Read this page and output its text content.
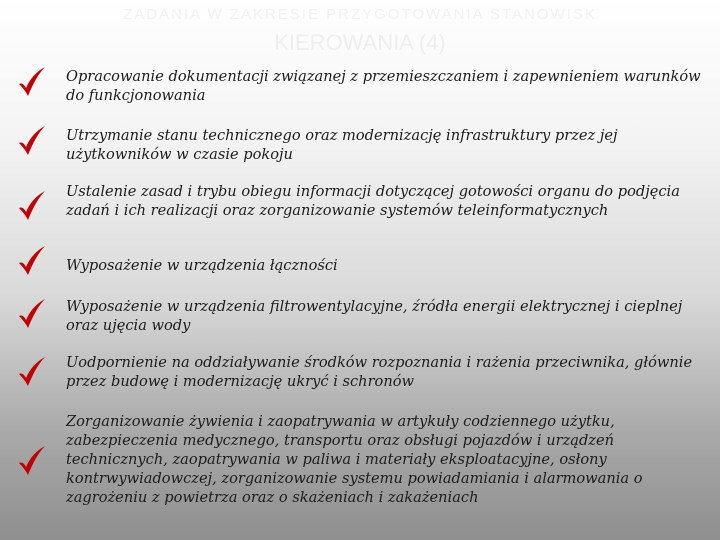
ZADANIA W ZAKRESIE PRZYGOTOWANIA STANOWISK
KIEROWANIA (4)
Opracowanie dokumentacji związanej z przemieszczaniem i zapewnieniem warunków do funkcjonowania
Utrzymanie stanu technicznego oraz modernizację infrastruktury przez jej użytkowników w czasie pokoju
Ustalenie zasad i trybu obiegu informacji dotyczącej gotowości organu do podjęcia zadań i ich realizacji oraz zorganizowanie systemów teleinformatycznych
Wyposażenie w urządzenia łączności
Wyposażenie w urządzenia filtrowentylacyjne, źródła energii elektrycznej i cieplnej oraz ujęcia wody
Uodpornienie na oddziaływanie środków rozpoznania i rażenia przeciwnika, głównie przez budowę i modernizację ukryć i schronów
Zorganizowanie żywienia i zaopatrywania w artykuły codziennego użytku, zabezpieczenia medycznego, transportu oraz obsługi pojazdów i urządzeń technicznych, zaopatrywania w paliwa i materiały eksploatacyjne, osłony kontrwywiadowczej, zorganizowanie systemu powiadamiania i alarmowania o zagrożeniu z powietrza oraz o skażeniach i zakażeniach
